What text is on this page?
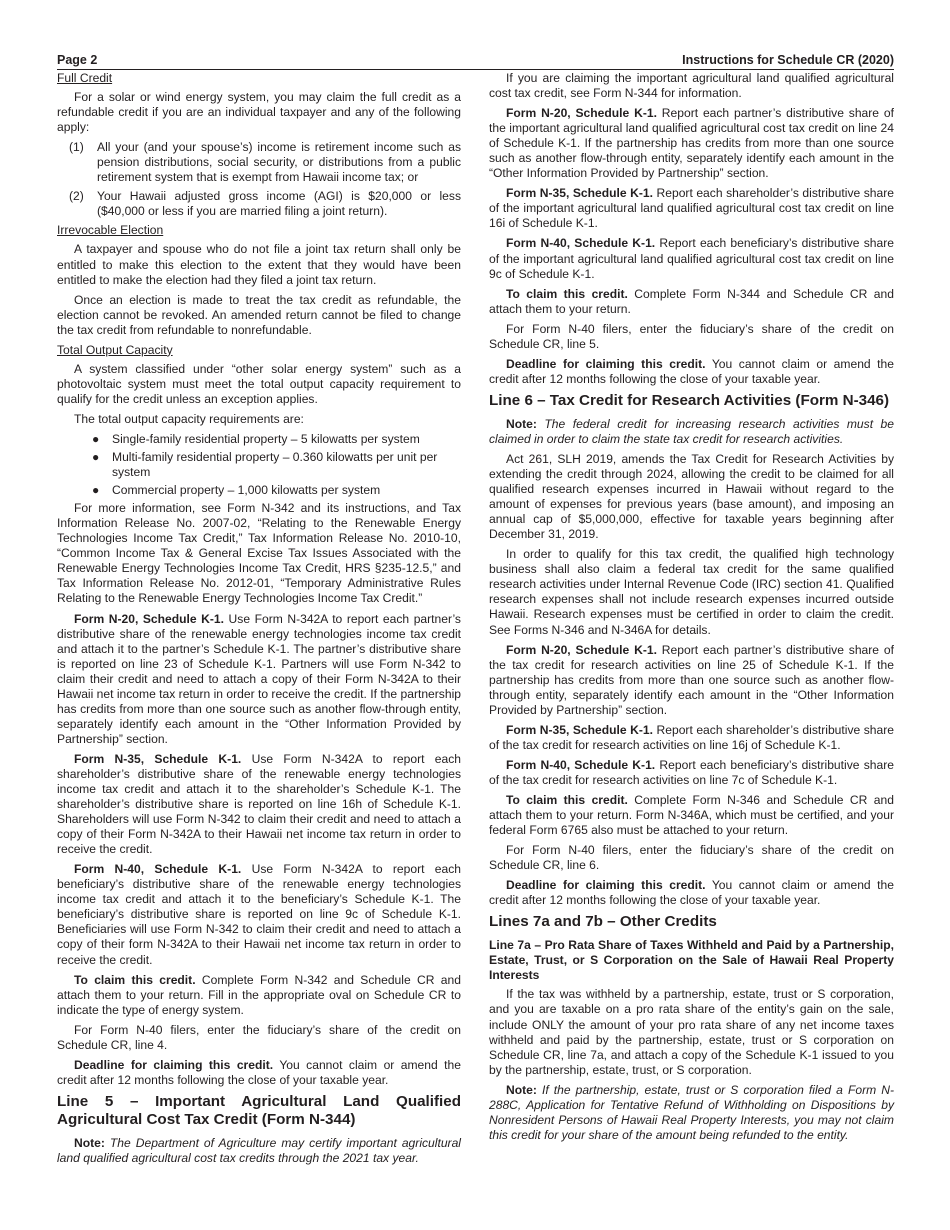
Page 2	Instructions for Schedule CR (2020)
Full Credit

For a solar or wind energy system, you may claim the full credit as a refundable credit if you are an individual taxpayer and any of the following apply:

(1) All your (and your spouse’s) income is retirement income such as pension distributions, social security, or distributions from a public retirement system that is exempt from Hawaii income tax; or
(2) Your Hawaii adjusted gross income (AGI) is $20,000 or less ($40,000 or less if you are married filing a joint return).
Irrevocable Election

A taxpayer and spouse who do not file a joint tax return shall only be entitled to make this election to the extent that they would have been entitled to make the election had they filed a joint tax return.

Once an election is made to treat the tax credit as refundable, the election cannot be revoked. An amended return cannot be filed to change the tax credit from refundable to nonrefundable.

Total Output Capacity

A system classified under “other solar energy system” such as a photovoltaic system must meet the total output capacity requirement to qualify for the credit unless an exception applies.

The total output capacity requirements are:

● Single-family residential property – 5 kilowatts per system
● Multi-family residential property – 0.360 kilowatts per unit per system
● Commercial property – 1,000 kilowatts per system

For more information, see Form N-342 and its instructions, and Tax Information Release No. 2007-02, “Relating to the Renewable Energy Technologies Income Tax Credit,” Tax Information Release No. 2010-10, “Common Income Tax & General Excise Tax Issues Associated with the Renewable Energy Technologies Income Tax Credit, HRS §235-12.5,” and Tax Information Release No. 2012-01, “Temporary Administrative Rules Relating to the Renewable Energy Technologies Income Tax Credit.”

Form N-20, Schedule K-1. Use Form N-342A to report each partner’s distributive share of the renewable energy technologies income tax credit and attach it to the partner’s Schedule K-1. The partner’s distributive share is reported on line 23 of Schedule K-1. Partners will use Form N-342 to claim their credit and need to attach a copy of their Form N-342A to their Hawaii net income tax return in order to receive the credit. If the partnership has credits from more than one source such as another flow-through entity, separately identify each amount in the “Other Information Provided by Partnership” section.

Form N-35, Schedule K-1. Use Form N-342A to report each shareholder’s distributive share of the renewable energy technologies income tax credit and attach it to the shareholder’s Schedule K-1. The shareholder’s distributive share is reported on line 16h of Schedule K-1. Shareholders will use Form N-342 to claim their credit and need to attach a copy of their Form N-342A to their Hawaii net income tax return in order to receive the credit.

Form N-40, Schedule K-1. Use Form N-342A to report each beneficiary’s distributive share of the renewable energy technologies income tax credit and attach it to the beneficiary’s Schedule K-1. The beneficiary’s distributive share is reported on line 9c of Schedule K-1. Beneficiaries will use Form N-342 to claim their credit and need to attach a copy of their form N-342A to their Hawaii net income tax return in order to receive the credit.

To claim this credit. Complete Form N-342 and Schedule CR and attach them to your return. Fill in the appropriate oval on Schedule CR to indicate the type of energy system.

For Form N-40 filers, enter the fiduciary’s share of the credit on Schedule CR, line 4.

Deadline for claiming this credit. You cannot claim or amend the credit after 12 months following the close of your taxable year.

Line 5 – Important Agricultural Land Qualified Agricultural Cost Tax Credit (Form N-344)

Note: The Department of Agriculture may certify important agricultural land qualified agricultural cost tax credits through the 2021 tax year.

If you are claiming the important agricultural land qualified agricultural cost tax credit, see Form N-344 for information.

Form N-20, Schedule K-1. Report each partner’s distributive share of the important agricultural land qualified agricultural cost tax credit on line 24 of Schedule K-1. If the partnership has credits from more than one source such as another flow-through entity, separately identify each amount in the “Other Information Provided by Partnership” section.

Form N-35, Schedule K-1. Report each shareholder’s distributive share of the important agricultural land qualified agricultural cost tax credit on line 16i of Schedule K-1.

Form N-40, Schedule K-1. Report each beneficiary’s distributive share of the important agricultural land qualified agricultural cost tax credit on line 9c of Schedule K-1.

To claim this credit. Complete Form N-344 and Schedule CR and attach them to your return.

For Form N-40 filers, enter the fiduciary’s share of the credit on Schedule CR, line 5.

Deadline for claiming this credit. You cannot claim or amend the credit after 12 months following the close of your taxable year.

Line 6 – Tax Credit for Research Activities (Form N-346)

Note: The federal credit for increasing research activities must be claimed in order to claim the state tax credit for research activities.

Act 261, SLH 2019, amends the Tax Credit for Research Activities by extending the credit through 2024, allowing the credit to be claimed for all qualified research expenses incurred in Hawaii without regard to the amount of expenses for previous years (base amount), and imposing an annual cap of $5,000,000, effective for taxable years beginning after December 31, 2019.

In order to qualify for this tax credit, the qualified high technology business shall also claim a federal tax credit for the same qualified research activities under Internal Revenue Code (IRC) section 41. Qualified research expenses shall not include research expenses incurred outside Hawaii. Research expenses must be certified in order to claim the credit. See Forms N-346 and N-346A for details.

Form N-20, Schedule K-1. Report each partner’s distributive share of the tax credit for research activities on line 25 of Schedule K-1. If the partnership has credits from more than one source such as another flow-through entity, separately identify each amount in the “Other Information Provided by Partnership” section.

Form N-35, Schedule K-1. Report each shareholder’s distributive share of the tax credit for research activities on line 16j of Schedule K-1.

Form N-40, Schedule K-1. Report each beneficiary’s distributive share of the tax credit for research activities on line 7c of Schedule K-1.

To claim this credit. Complete Form N-346 and Schedule CR and attach them to your return. Form N-346A, which must be certified, and your federal Form 6765 also must be attached to your return.

For Form N-40 filers, enter the fiduciary’s share of the credit on Schedule CR, line 6.

Deadline for claiming this credit. You cannot claim or amend the credit after 12 months following the close of your taxable year.

Lines 7a and 7b – Other Credits
Line 7a – Pro Rata Share of Taxes Withheld and Paid by a Partnership, Estate, Trust, or S Corporation on the Sale of Hawaii Real Property Interests

If the tax was withheld by a partnership, estate, trust or S corporation, and you are taxable on a pro rata share of the entity’s gain on the sale, include ONLY the amount of your pro rata share of any net income taxes withheld and paid by the partnership, estate, trust or S corporation on Schedule CR, line 7a, and attach a copy of the Schedule K-1 issued to you by the partnership, estate, trust, or S corporation.

Note: If the partnership, estate, trust or S corporation filed a Form N-288C, Application for Tentative Refund of Withholding on Dispositions by Nonresident Persons of Hawaii Real Property Interests, you may not claim this credit for your share of the amount being refunded to the entity.
